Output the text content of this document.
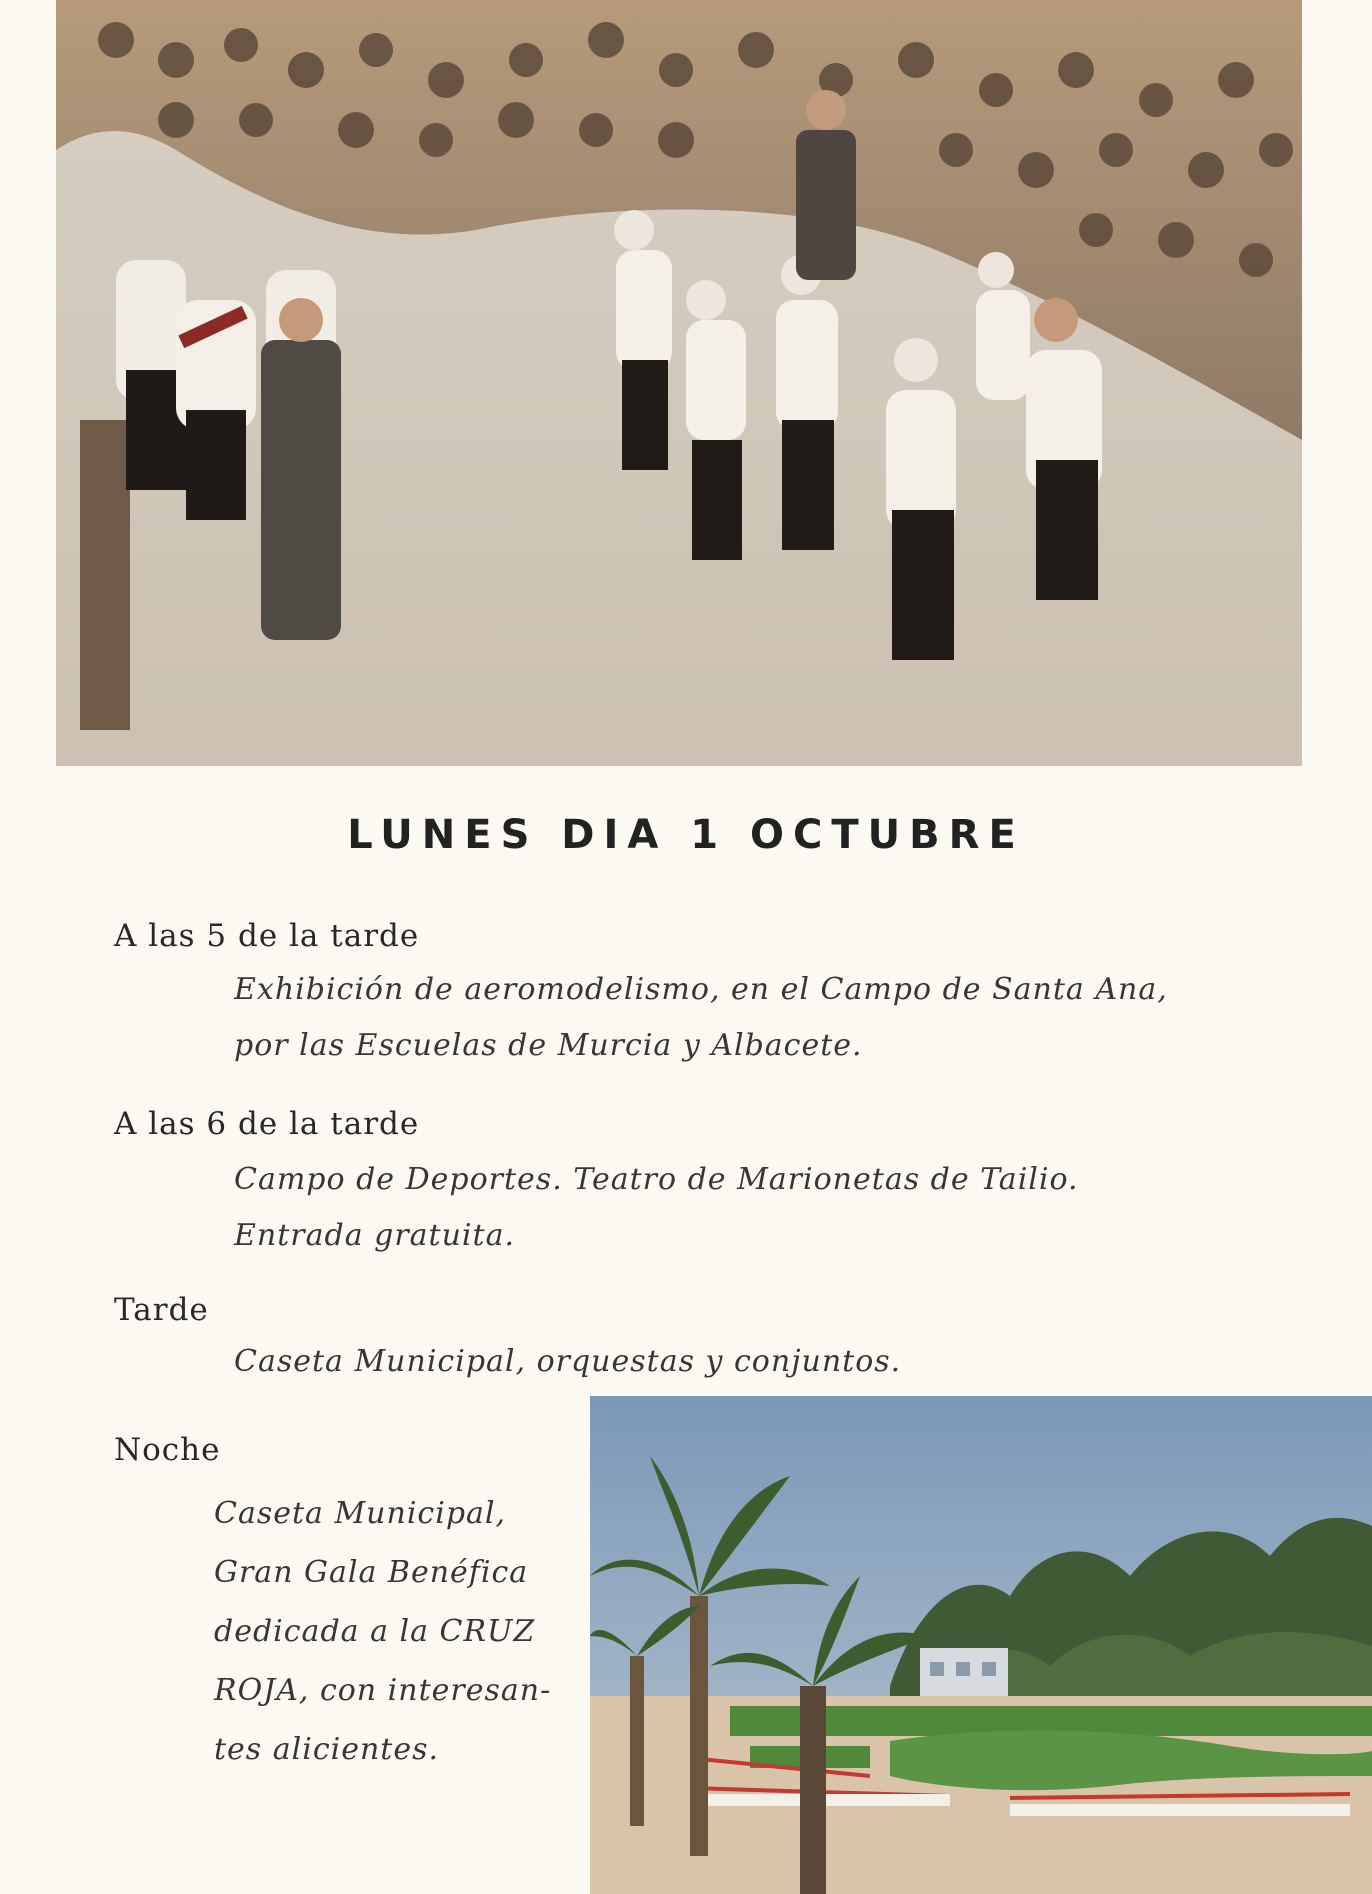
LUNES DIA 1 OCTUBRE
A las 5 de la tarde
Exhibición de aeromodelismo, en el Campo de Santa Ana,
por las Escuelas de Murcia y Albacete.
A las 6 de la tarde
Campo de Deportes. Teatro de Marionetas de Tailio.
Entrada gratuita.
Tarde
Caseta Municipal, orquestas y conjuntos.
Noche
Caseta Municipal,
Gran Gala Benéfica
dedicada a la CRUZ
ROJA, con interesan-
tes alicientes.
